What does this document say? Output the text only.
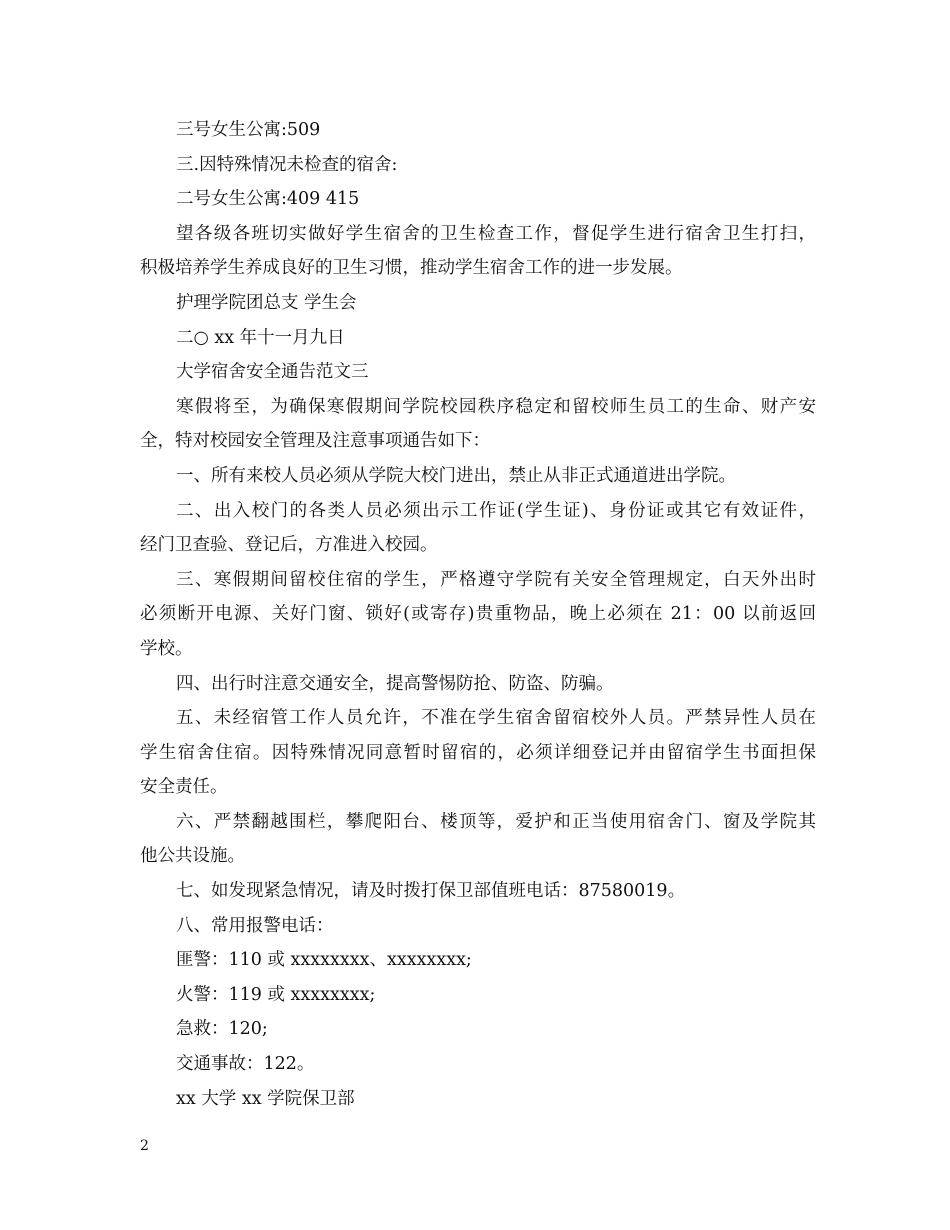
三号女生公寓:509
三.因特殊情况未检查的宿舍:
二号女生公寓:409 415
望各级各班切实做好学生宿舍的卫生检查工作，督促学生进行宿舍卫生打扫，
积极培养学生养成良好的卫生习惯，推动学生宿舍工作的进一步发展。
护理学院团总支 学生会
二○ xx 年十一月九日
大学宿舍安全通告范文三
寒假将至，为确保寒假期间学院校园秩序稳定和留校师生员工的生命、财产安
全，特对校园安全管理及注意事项通告如下：
一、所有来校人员必须从学院大校门进出，禁止从非正式通道进出学院。
二、出入校门的各类人员必须出示工作证(学生证)、身份证或其它有效证件，
经门卫查验、登记后，方准进入校园。
三、寒假期间留校住宿的学生，严格遵守学院有关安全管理规定，白天外出时
必须断开电源、关好门窗、锁好(或寄存)贵重物品，晚上必须在 21：00 以前返回
学校。
四、出行时注意交通安全，提高警惕防抢、防盗、防骗。
五、未经宿管工作人员允许，不准在学生宿舍留宿校外人员。严禁异性人员在
学生宿舍住宿。因特殊情况同意暂时留宿的，必须详细登记并由留宿学生书面担保
安全责任。
六、严禁翻越围栏，攀爬阳台、楼顶等，爱护和正当使用宿舍门、窗及学院其
他公共设施。
七、如发现紧急情况，请及时拨打保卫部值班电话：87580019。
八、常用报警电话：
匪警：110 或 xxxxxxxx、xxxxxxxx;
火警：119 或 xxxxxxxx;
急救：120;
交通事故：122。
xx 大学 xx 学院保卫部
2
